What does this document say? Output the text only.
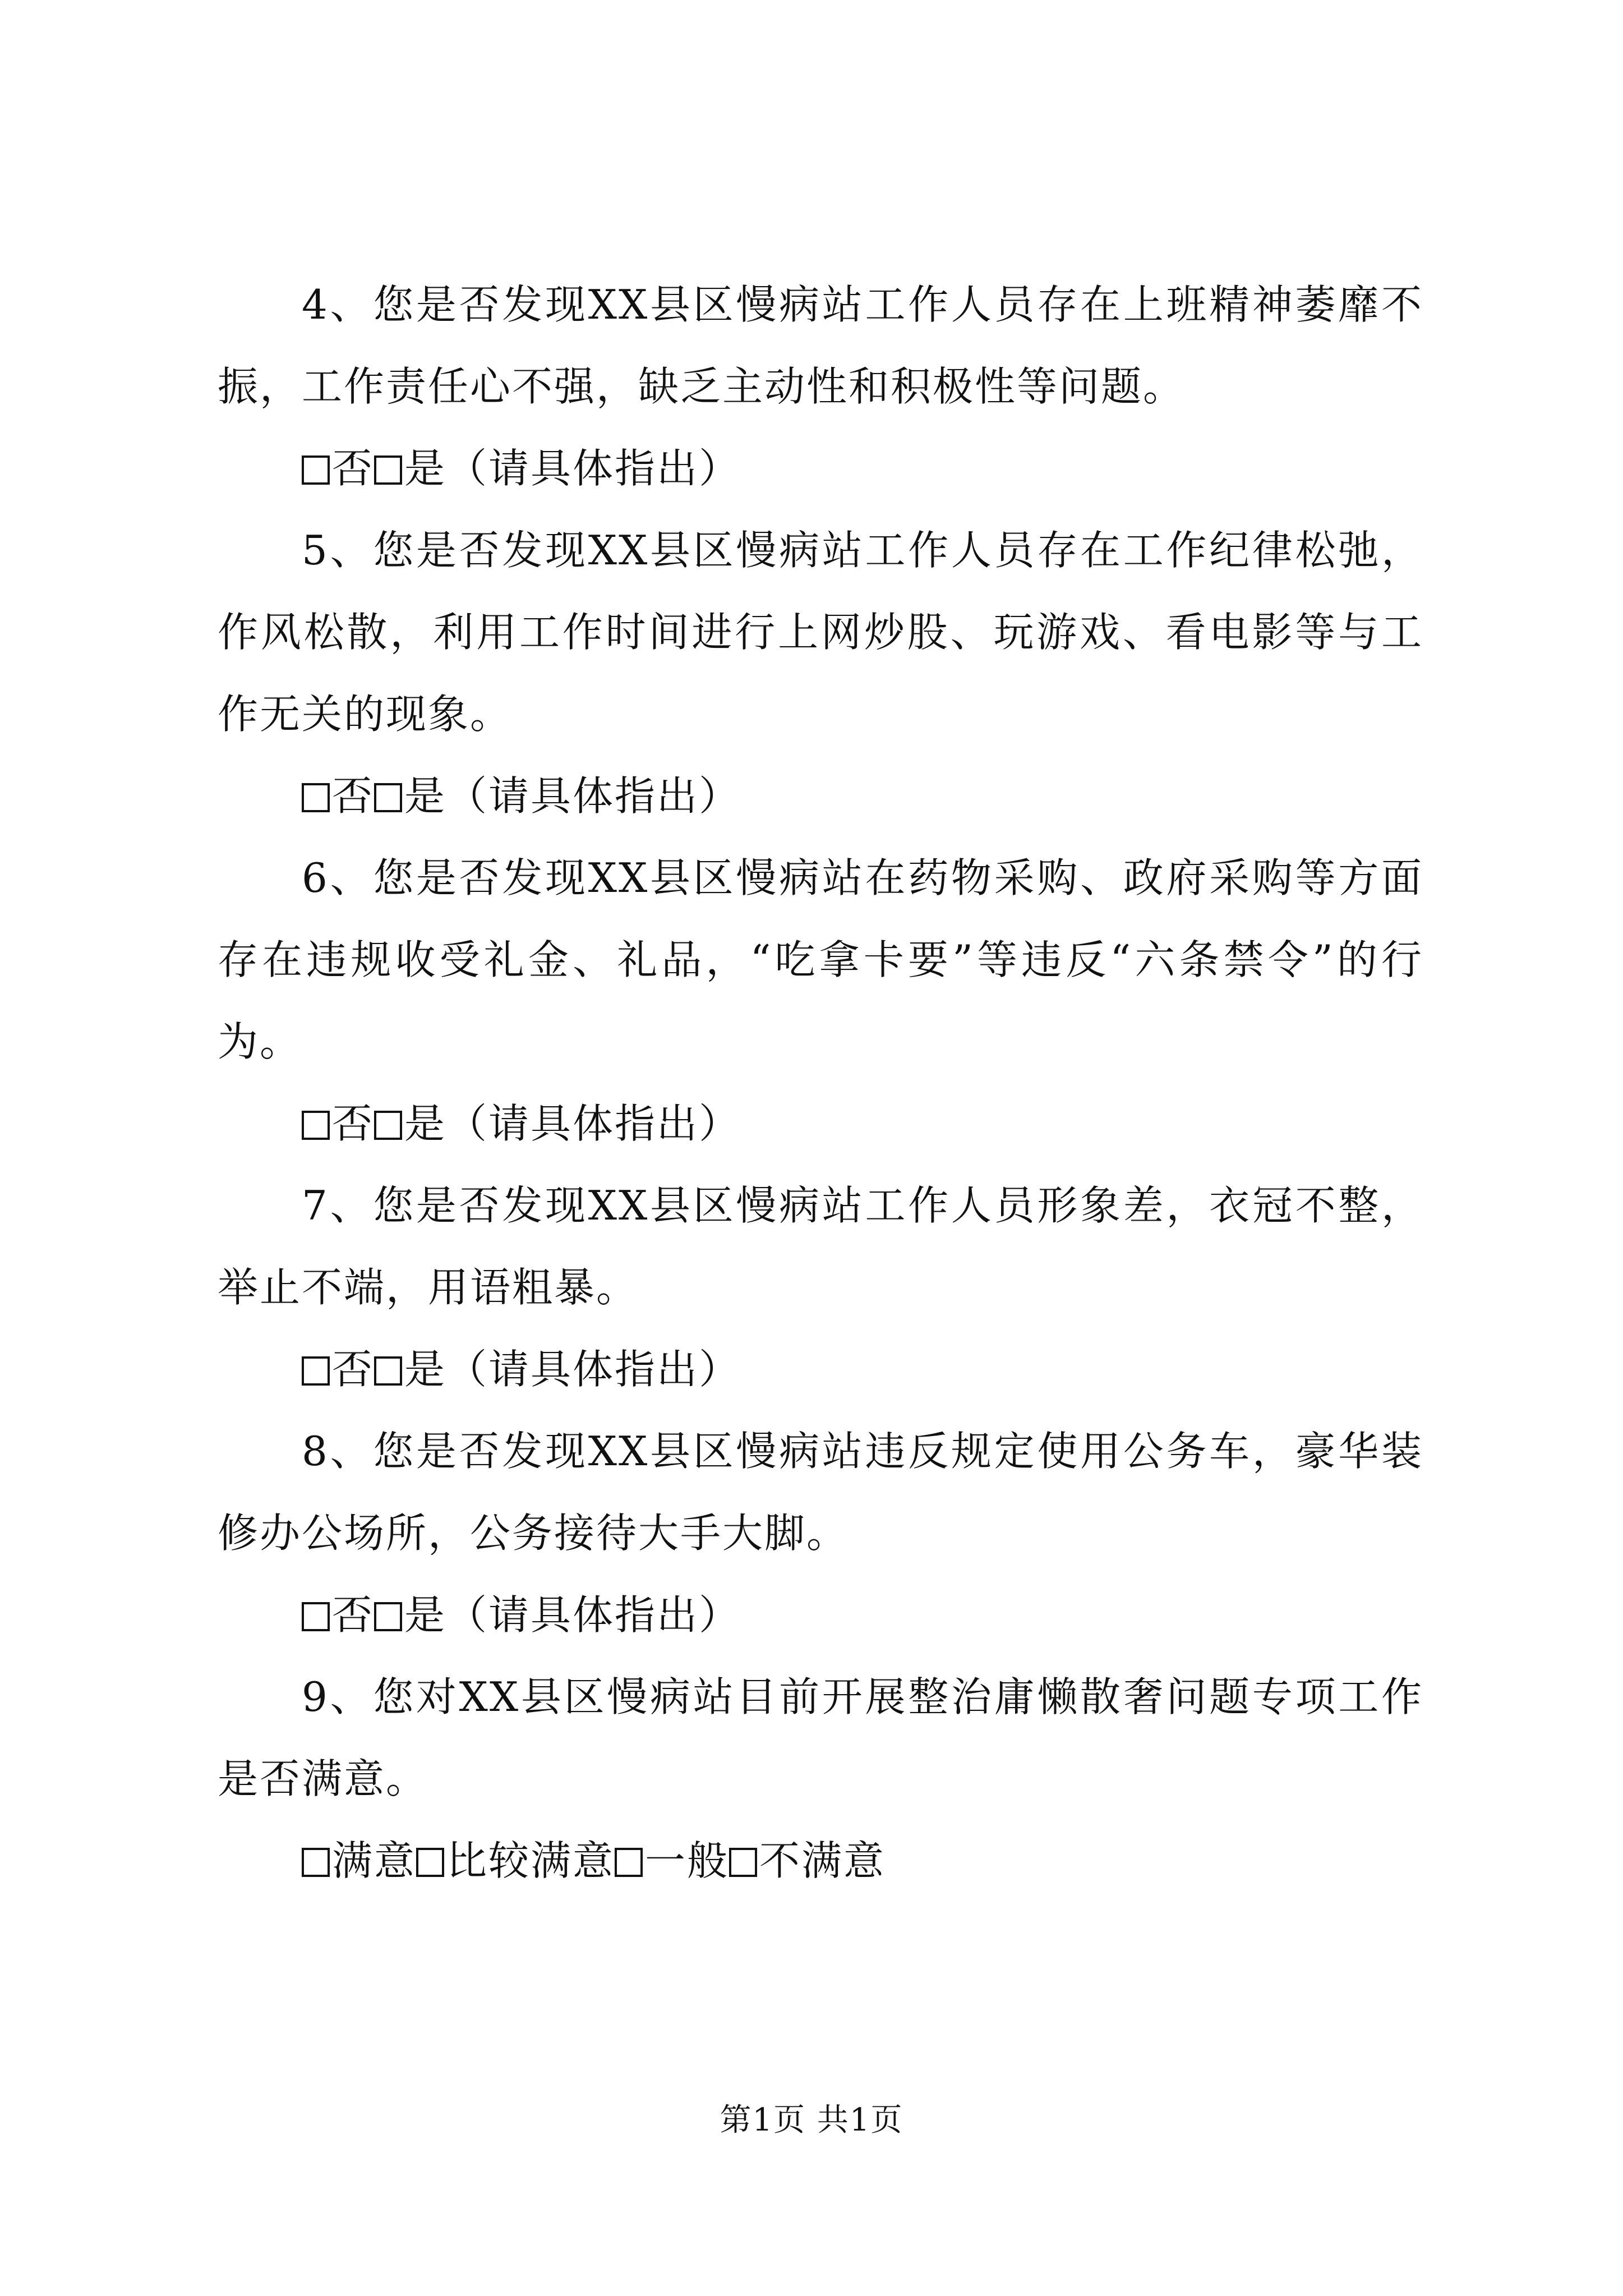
4、您是否发现XX县区慢病站工作人员存在上班精神萎靡不振，工作责任心不强，缺乏主动性和积极性等问题。

否 是（请具体指出）

5、您是否发现XX县区慢病站工作人员存在工作纪律松弛，作风松散，利用工作时间进行上网炒股、玩游戏、看电影等与工作无关的现象。

否 是（请具体指出）

6、您是否发现XX县区慢病站在药物采购、政府采购等方面存在违规收受礼金、礼品，“吃拿卡要”等违反“六条禁令”的行为。

否 是（请具体指出）

7、您是否发现XX县区慢病站工作人员形象差，衣冠不整，举止不端，用语粗暴。

否 是（请具体指出）

8、您是否发现XX县区慢病站违反规定使用公务车，豪华装修办公场所，公务接待大手大脚。

否 是（请具体指出）

9、您对XX县区慢病站目前开展整治庸懒散奢问题专项工作是否满意。

满意 比较满意 一般 不满意

第1页 共1页
